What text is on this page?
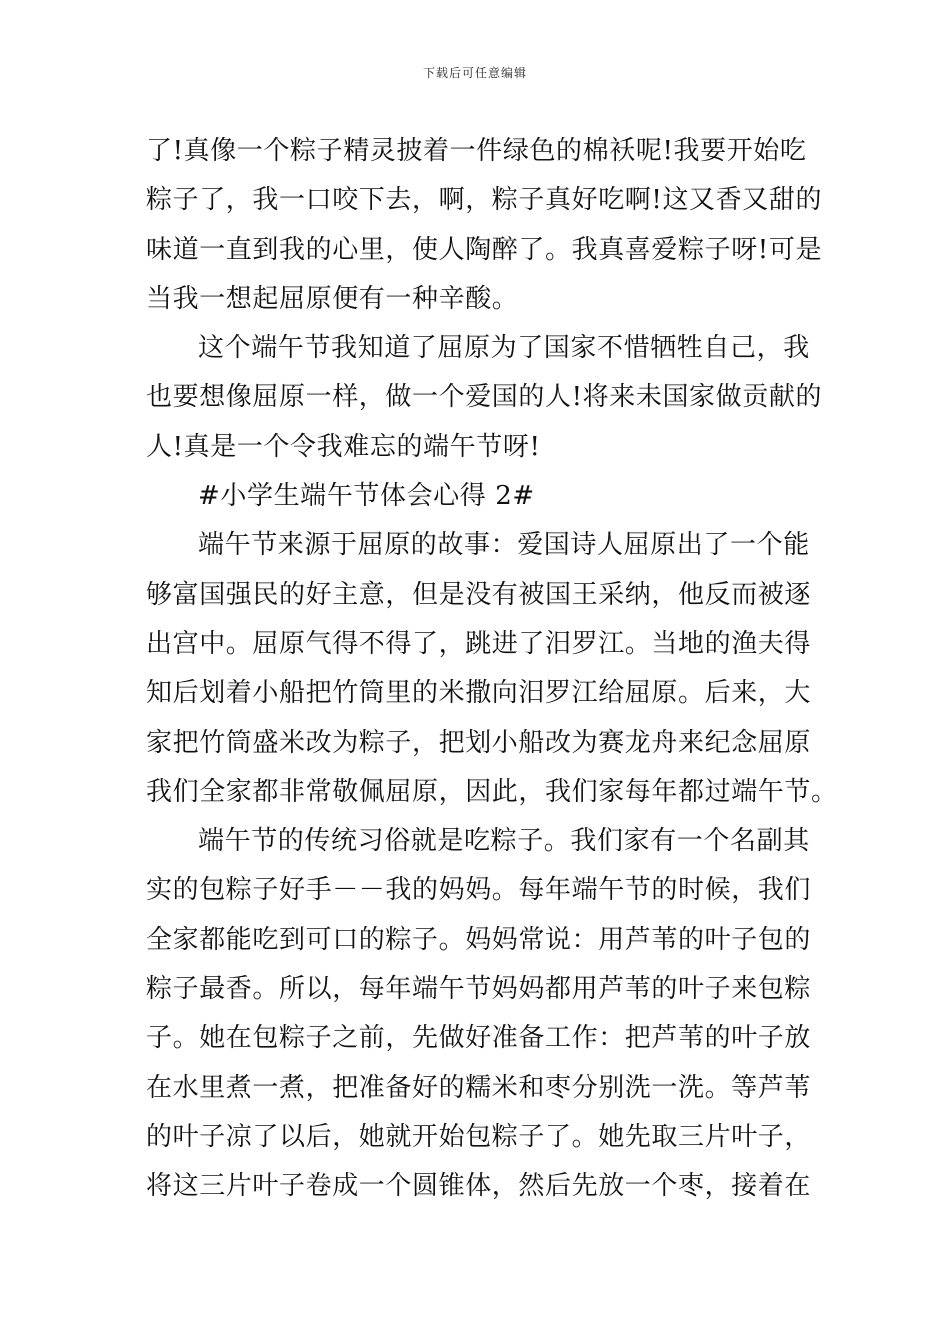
下载后可任意编辑
了!真像一个粽子精灵披着一件绿色的棉袄呢!我要开始吃
粽子了，我一口咬下去，啊，粽子真好吃啊!这又香又甜的
味道一直到我的心里，使人陶醉了。我真喜爱粽子呀!可是
当我一想起屈原便有一种辛酸。
这个端午节我知道了屈原为了国家不惜牺牲自己，我
也要想像屈原一样，做一个爱国的人!将来未国家做贡献的
人!真是一个令我难忘的端午节呀!
#小学生端午节体会心得 2#
端午节来源于屈原的故事：爱国诗人屈原出了一个能
够富国强民的好主意，但是没有被国王采纳，他反而被逐
出宫中。屈原气得不得了，跳进了汨罗江。当地的渔夫得
知后划着小船把竹筒里的米撒向汨罗江给屈原。后来，大
家把竹筒盛米改为粽子，把划小船改为赛龙舟来纪念屈原
我们全家都非常敬佩屈原，因此，我们家每年都过端午节。
端午节的传统习俗就是吃粽子。我们家有一个名副其
实的包粽子好手－－我的妈妈。每年端午节的时候，我们
全家都能吃到可口的粽子。妈妈常说：用芦苇的叶子包的
粽子最香。所以，每年端午节妈妈都用芦苇的叶子来包粽
子。她在包粽子之前，先做好准备工作：把芦苇的叶子放
在水里煮一煮，把准备好的糯米和枣分别洗一洗。等芦苇
的叶子凉了以后，她就开始包粽子了。她先取三片叶子，
将这三片叶子卷成一个圆锥体，然后先放一个枣，接着在
